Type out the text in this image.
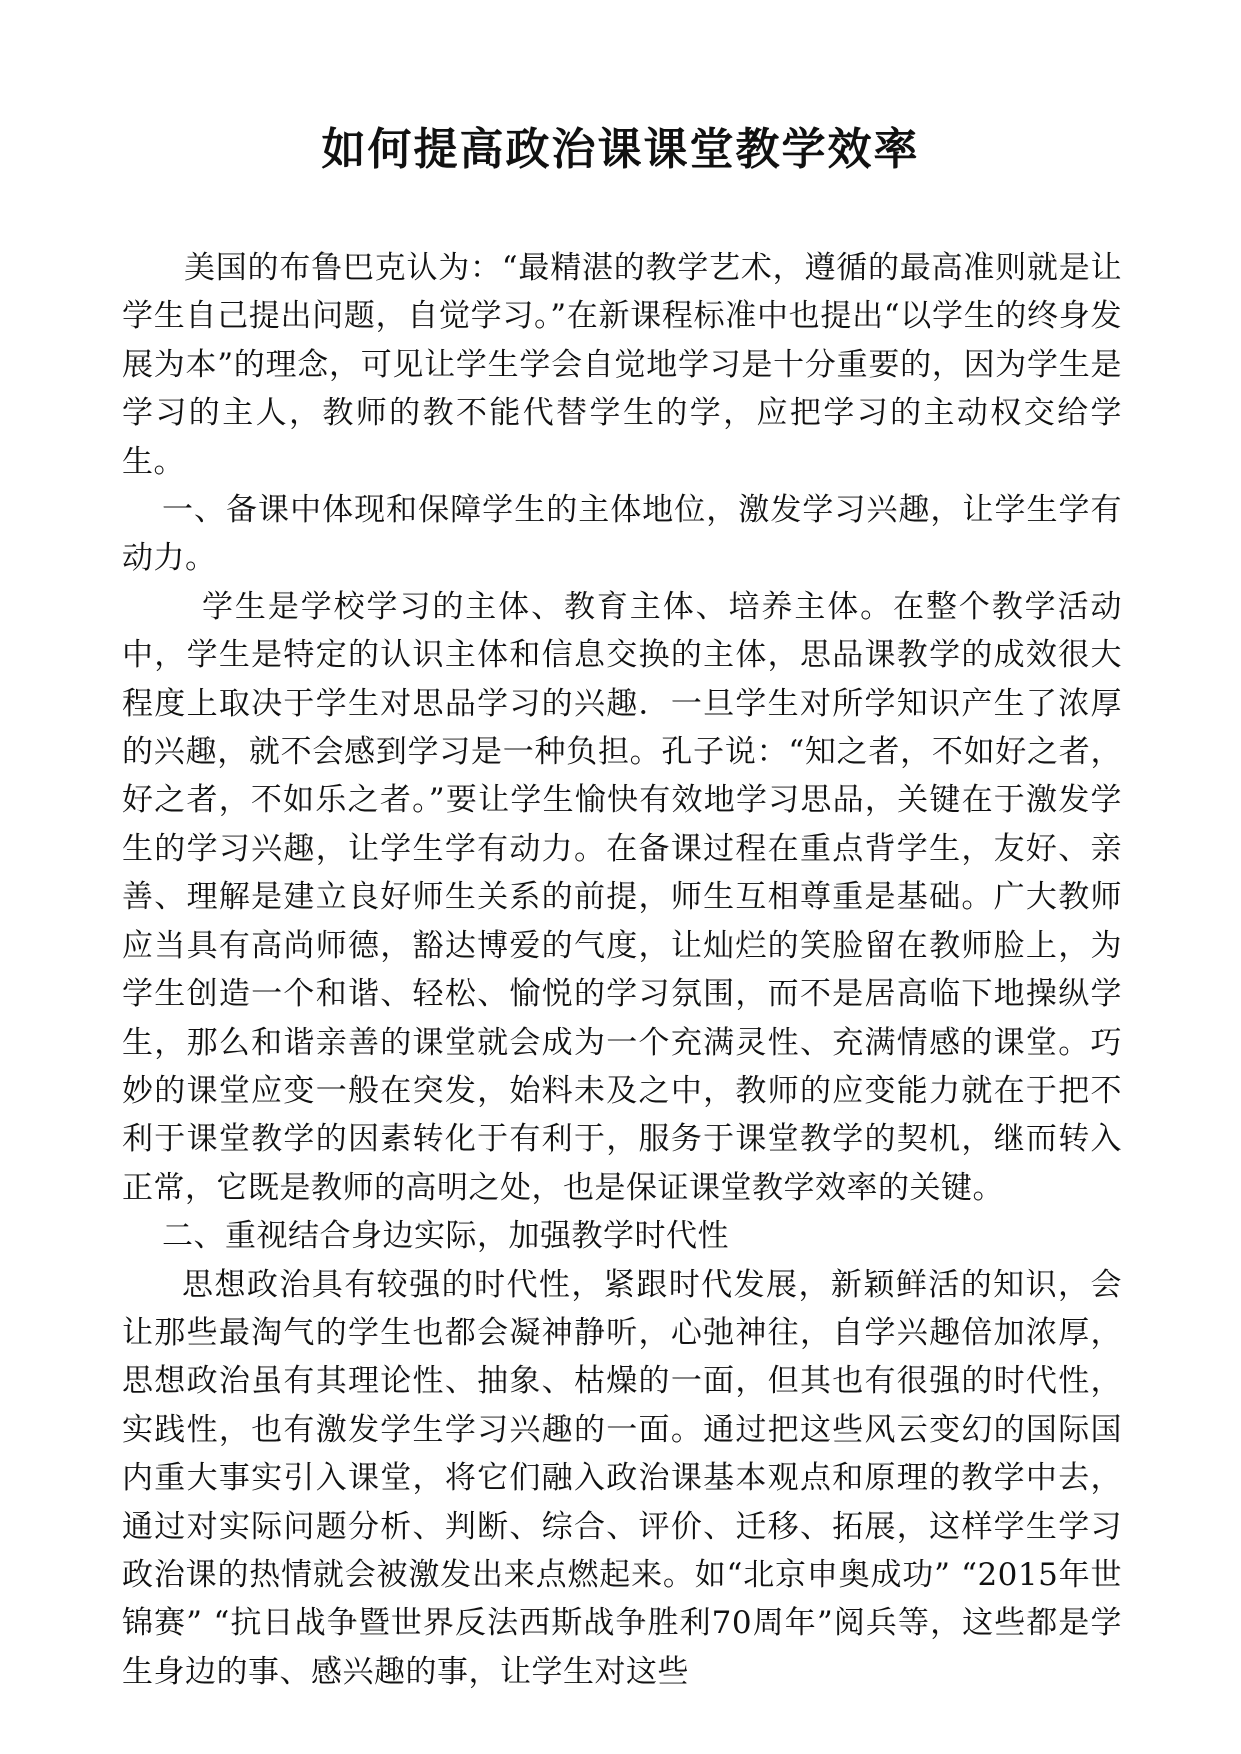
如何提高政治课课堂教学效率

美国的布鲁巴克认为：“最精湛的教学艺术，遵循的最高准则就是让学生自己提出问题，自觉学习。”在新课程标准中也提出“以学生的终身发展为本”的理念，可见让学生学会自觉地学习是十分重要的，因为学生是学习的主人，教师的教不能代替学生的学，应把学习的主动权交给学生。

一、备课中体现和保障学生的主体地位，激发学习兴趣，让学生学有动力。

学生是学校学习的主体、教育主体、培养主体。在整个教学活动中，学生是特定的认识主体和信息交换的主体，思品课教学的成效很大程度上取决于学生对思品学习的兴趣．一旦学生对所学知识产生了浓厚的兴趣，就不会感到学习是一种负担。孔子说：“知之者，不如好之者，好之者，不如乐之者。”要让学生愉快有效地学习思品，关键在于激发学生的学习兴趣，让学生学有动力。在备课过程在重点背学生，友好、亲善、理解是建立良好师生关系的前提，师生互相尊重是基础。广大教师应当具有高尚师德，豁达博爱的气度，让灿烂的笑脸留在教师脸上，为学生创造一个和谐、轻松、愉悦的学习氛围，而不是居高临下地操纵学生，那么和谐亲善的课堂就会成为一个充满灵性、充满情感的课堂。巧妙的课堂应变一般在突发，始料未及之中，教师的应变能力就在于把不利于课堂教学的因素转化于有利于，服务于课堂教学的契机，继而转入正常，它既是教师的高明之处，也是保证课堂教学效率的关键。

二、重视结合身边实际，加强教学时代性

思想政治具有较强的时代性，紧跟时代发展，新颖鲜活的知识，会让那些最淘气的学生也都会凝神静听，心弛神往，自学兴趣倍加浓厚，思想政治虽有其理论性、抽象、枯燥的一面，但其也有很强的时代性，实践性，也有激发学生学习兴趣的一面。通过把这些风云变幻的国际国内重大事实引入课堂，将它们融入政治课基本观点和原理的教学中去，通过对实际问题分析、判断、综合、评价、迁移、拓展，这样学生学习政治课的热情就会被激发出来点燃起来。如“北京申奥成功” “2015年世锦赛” “抗日战争暨世界反法西斯战争胜利70周年”阅兵等，这些都是学生身边的事、感兴趣的事，让学生对这些
